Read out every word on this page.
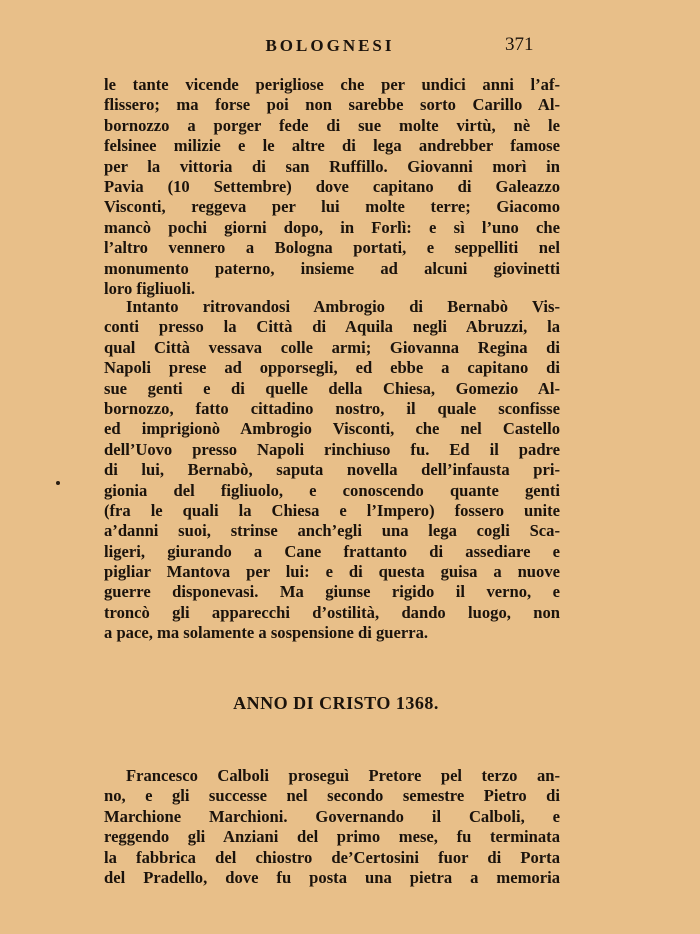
BOLOGNESI	371
le tante vicende perigliose che per undici anni l’af-
flissero; ma forse poi non sarebbe sorto Carillo Al-
bornozzo a porger fede di sue molte virtù, nè le
felsinee milizie e le altre di lega andrebber famose
per la vittoria di san Ruffillo. Giovanni morì in
Pavia (10 Settembre) dove capitano di Galeazzo
Visconti, reggeva per lui molte terre; Giacomo
mancò pochi giorni dopo, in Forlì: e sì l’uno che
l’altro vennero a Bologna portati, e seppelliti nel
monumento paterno, insieme ad alcuni giovinetti
loro figliuoli.
Intanto ritrovandosi Ambrogio di Bernabò Vis-
conti presso la Città di Aquila negli Abruzzi, la
qual Città vessava colle armi; Giovanna Regina di
Napoli prese ad opporsegli, ed ebbe a capitano di
sue genti e di quelle della Chiesa, Gomezio Al-
bornozzo, fatto cittadino nostro, il quale sconfisse
ed imprigionò Ambrogio Visconti, che nel Castello
dell’Uovo presso Napoli rinchiuso fu. Ed il padre
di lui, Bernabò, saputa novella dell’infausta pri-
gionia del figliuolo, e conoscendo quante genti
(fra le quali la Chiesa e l’Impero) fossero unite
a’danni suoi, strinse anch’egli una lega cogli Sca-
ligeri, giurando a Cane frattanto di assediare e
pigliar Mantova per lui: e di questa guisa a nuove
guerre disponevasi. Ma giunse rigido il verno, e
troncò gli apparecchi d’ostilità, dando luogo, non
a pace, ma solamente a sospensione di guerra.
ANNO DI CRISTO 1368.
Francesco Calboli proseguì Pretore pel terzo an-
no, e gli successe nel secondo semestre Pietro di
Marchione Marchioni. Governando il Calboli, e
reggendo gli Anziani del primo mese, fu terminata
la fabbrica del chiostro de’Certosini fuor di Porta
del Pradello, dove fu posta una pietra a memoria
